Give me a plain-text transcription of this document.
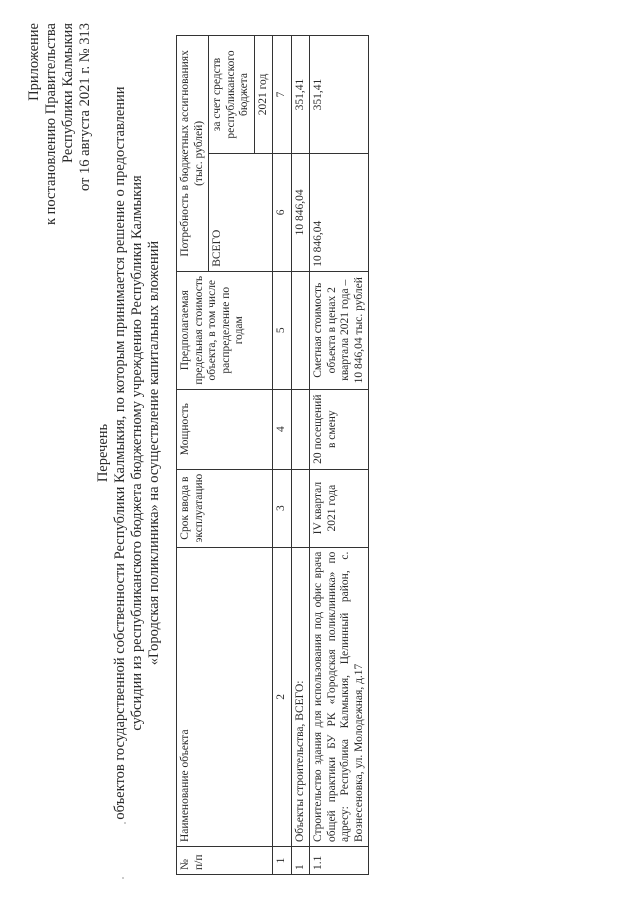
Приложение к постановлению Правительства Республики Калмыкия от 16 августа 2021 г. № 313
Перечень объектов государственной собственности Республики Калмыкия, по которым принимается решение о предоставлении субсидии из республиканского бюджета бюджетному учреждению Республики Калмыкия «Городская поликлиника» на осуществление капитальных вложений
№ п/п	Наименование объекта	Срок ввода в эксплуатацию	Мощность	Предполагаемая предельная стоимость объекта, в том числе распределение по годам	Потребность в бюджетных ассигнованиях (тыс. рублей)	
					ВСЕГО	за счет средств республиканского бюджета
						2021 год
1	2	3	4	5	6	7
1	Объекты строительства, ВСЕГО:				10 846,04	351,41
1.1	Строительство здания для использования под офис врача общей практики БУ РК «Городская поликлиника» по адресу: Республика Калмыкия, Целинный район, с. Вознесеновка, ул. Молодежная, д.17	IV квартал 2021 года	20 посещений в смену	Сметная стоимость объекта в ценах 2 квартала 2021 года – 10 846,04 тыс. рублей	10 846,04	351,41
